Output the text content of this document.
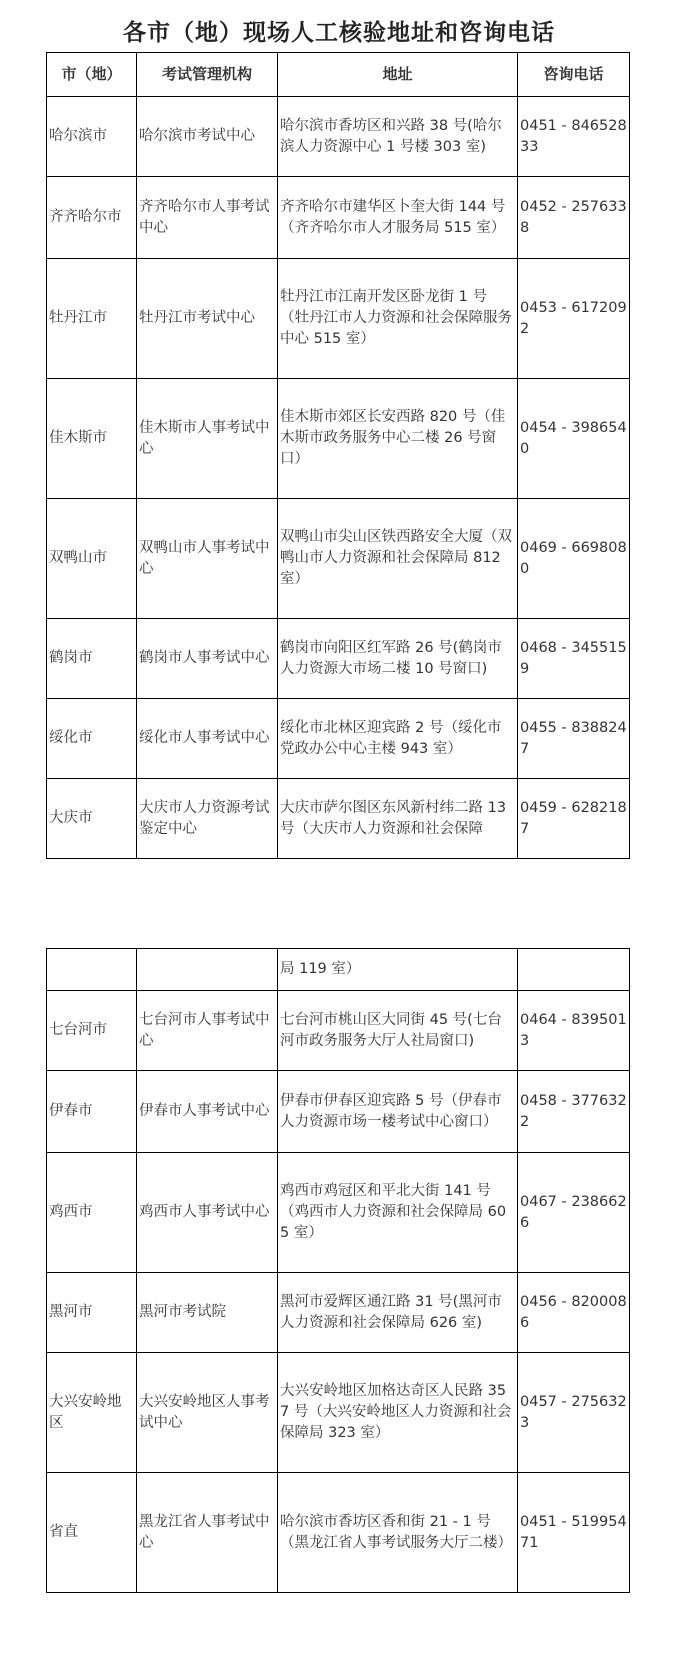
各市（地）现场人工核验地址和咨询电话
市（地）	考试管理机构	地址	咨询电话
哈尔滨市	哈尔滨市考试中心	哈尔滨市香坊区和兴路 38 号(哈尔滨人力资源中心 1 号楼 303 室)	0451 - 84652833
齐齐哈尔市	齐齐哈尔市人事考试中心	齐齐哈尔市建华区卜奎大街 144 号（齐齐哈尔市人才服务局 515 室）	0452 - 2576338
牡丹江市	牡丹江市考试中心	牡丹江市江南开发区卧龙街 1 号（牡丹江市人力资源和社会保障服务中心 515 室）	0453 - 6172092
佳木斯市	佳木斯市人事考试中心	佳木斯市郊区长安西路 820 号（佳木斯市政务服务中心二楼 26 号窗口）	0454 - 3986540
双鸭山市	双鸭山市人事考试中心	双鸭山市尖山区铁西路安全大厦（双鸭山市人力资源和社会保障局 812 室）	0469 - 6698080
鹤岗市	鹤岗市人事考试中心	鹤岗市向阳区红军路 26 号(鹤岗市人力资源大市场二楼 10 号窗口)	0468 - 3455159
绥化市	绥化市人事考试中心	绥化市北林区迎宾路 2 号（绥化市党政办公中心主楼 943 室）	0455 - 8388247
大庆市	大庆市人力资源考试鉴定中心	大庆市萨尔图区东风新村纬二路 13 号（大庆市人力资源和社会保障	0459 - 6282187
		局 119 室）	
七台河市	七台河市人事考试中心	七台河市桃山区大同街 45 号(七台河市政务服务大厅人社局窗口)	0464 - 8395013
伊春市	伊春市人事考试中心	伊春市伊春区迎宾路 5 号（伊春市人力资源市场一楼考试中心窗口）	0458 - 3776322
鸡西市	鸡西市人事考试中心	鸡西市鸡冠区和平北大街 141 号（鸡西市人力资源和社会保障局 605 室）	0467 - 2386626
黑河市	黑河市考试院	黑河市爱辉区通江路 31 号(黑河市人力资源和社会保障局 626 室)	0456 - 8200086
大兴安岭地区	大兴安岭地区人事考试中心	大兴安岭地区加格达奇区人民路 357 号（大兴安岭地区人力资源和社会保障局 323 室）	0457 - 2756323
省直	黑龙江省人事考试中心	哈尔滨市香坊区香和街 21 - 1 号（黑龙江省人事考试服务大厅二楼）	0451 - 51995471
